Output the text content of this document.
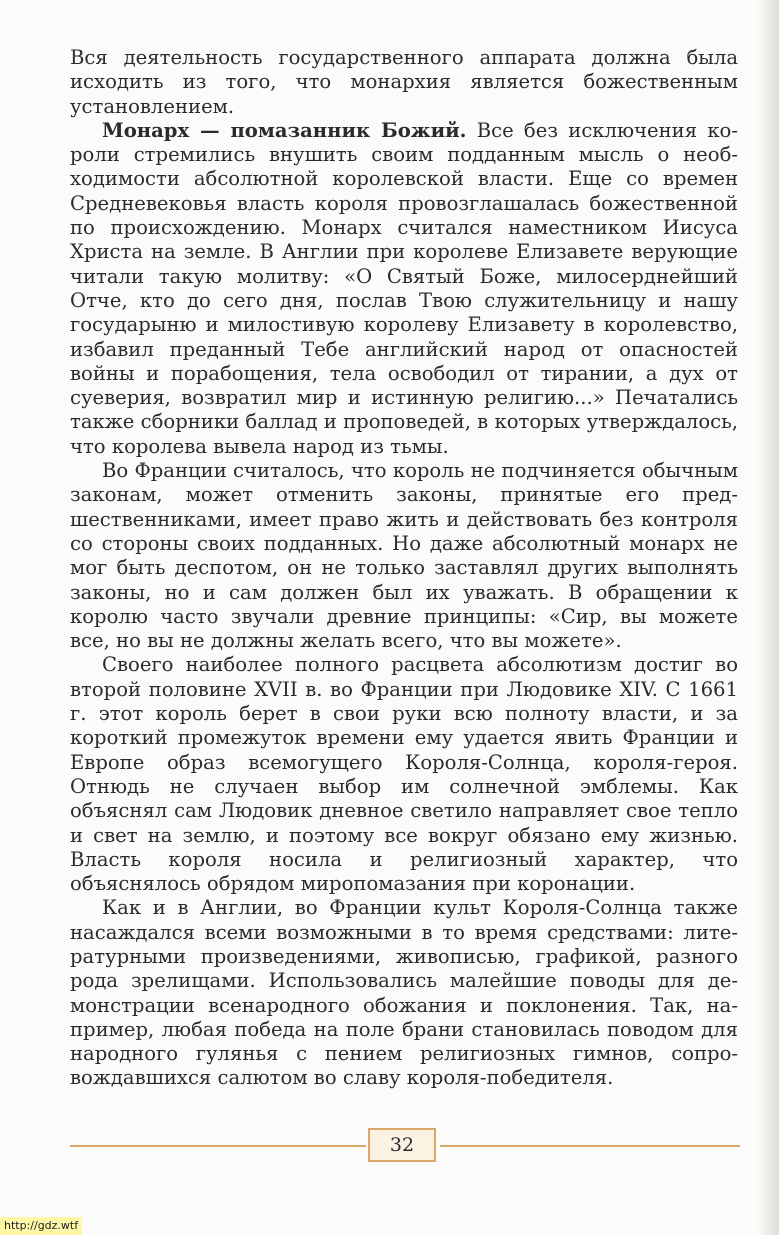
Вся деятельность государственного аппарата должна была исходить из того, что монархия является божественным установлением.

Монарх — помазанник Божий. Все без исключения короли стремились внушить своим подданным мысль о необходимости абсолютной королевской власти. Еще со времен Средневековья власть короля провозглашалась божественной по происхождению. Монарх считался наместником Иисуса Христа на земле. В Англии при королеве Елизавете верующие читали такую молитву: «О Святый Боже, милосерднейший Отче, кто до сего дня, послав Твою служительницу и нашу государыню и милостивую королеву Елизавету в королевство, избавил преданный Тебе английский народ от опасностей войны и порабощения, тела освободил от тирании, а дух от суеверия, возвратил мир и истинную религию...» Печатались также сборники баллад и проповедей, в которых утверждалось, что королева вывела народ из тьмы.

Во Франции считалось, что король не подчиняется обычным законам, может отменить законы, принятые его предшественниками, имеет право жить и действовать без контроля со стороны своих подданных. Но даже абсолютный монарх не мог быть деспотом, он не только заставлял других выполнять законы, но и сам должен был их уважать. В обращении к королю часто звучали древние принципы: «Сир, вы можете все, но вы не должны желать всего, что вы можете».

Своего наиболее полного расцвета абсолютизм достиг во второй половине XVII в. во Франции при Людовике XIV. С 1661 г. этот король берет в свои руки всю полноту власти, и за короткий промежуток времени ему удается явить Франции и Европе образ всемогущего Короля-Солнца, короля-героя. Отнюдь не случаен выбор им солнечной эмблемы. Как объяснял сам Людовик дневное светило направляет свое тепло и свет на землю, и поэтому все вокруг обязано ему жизнью. Власть короля носила и религиозный характер, что объяснялось обрядом миропомазания при коронации.

Как и в Англии, во Франции культ Короля-Солнца также насаждался всеми возможными в то время средствами: литературными произведениями, живописью, графикой, разного рода зрелищами. Использовались малейшие поводы для демонстрации всенародного обожания и поклонения. Так, например, любая победа на поле брани становилась поводом для народного гулянья с пением религиозных гимнов, сопровождавшихся салютом во славу короля-победителя.

32
http://gdz.wtf
